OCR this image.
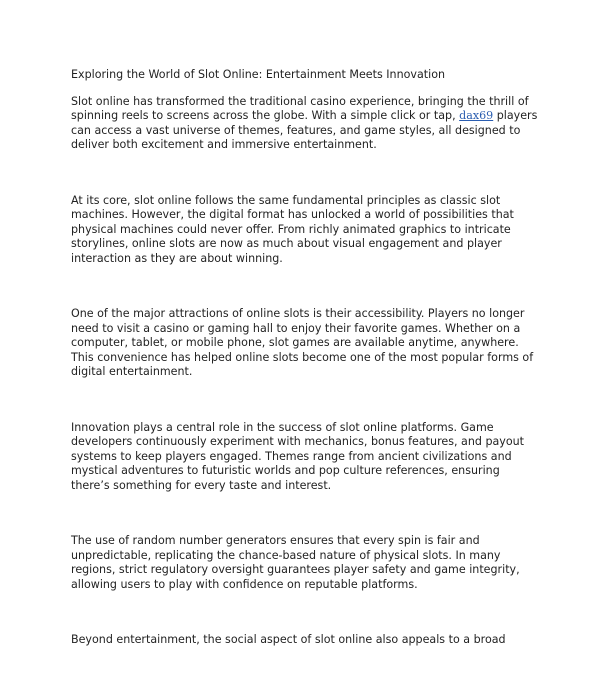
Exploring the World of Slot Online: Entertainment Meets Innovation

Slot online has transformed the traditional casino experience, bringing the thrill of spinning reels to screens across the globe. With a simple click or tap, dax69 players can access a vast universe of themes, features, and game styles, all designed to deliver both excitement and immersive entertainment.

At its core, slot online follows the same fundamental principles as classic slot machines. However, the digital format has unlocked a world of possibilities that physical machines could never offer. From richly animated graphics to intricate storylines, online slots are now as much about visual engagement and player interaction as they are about winning.

One of the major attractions of online slots is their accessibility. Players no longer need to visit a casino or gaming hall to enjoy their favorite games. Whether on a computer, tablet, or mobile phone, slot games are available anytime, anywhere. This convenience has helped online slots become one of the most popular forms of digital entertainment.

Innovation plays a central role in the success of slot online platforms. Game developers continuously experiment with mechanics, bonus features, and payout systems to keep players engaged. Themes range from ancient civilizations and mystical adventures to futuristic worlds and pop culture references, ensuring there’s something for every taste and interest.

The use of random number generators ensures that every spin is fair and unpredictable, replicating the chance-based nature of physical slots. In many regions, strict regulatory oversight guarantees player safety and game integrity, allowing users to play with confidence on reputable platforms.

Beyond entertainment, the social aspect of slot online also appeals to a broad
